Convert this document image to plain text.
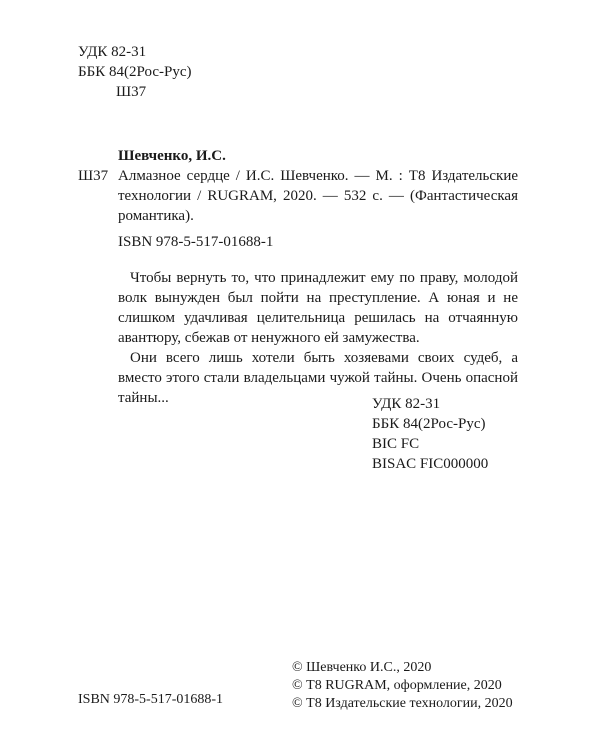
УДК 82-31
ББК 84(2Рос-Рус)
Ш37
Шевченко, И.С.
Ш37 Алмазное сердце / И.С. Шевченко. — М. : Т8 Издательские технологии / RUGRAM, 2020. — 532 с. — (Фантастическая романтика).
ISBN 978-5-517-01688-1

Чтобы вернуть то, что принадлежит ему по праву, молодой волк вынужден был пойти на преступление. А юная и не слишком удачливая целительница решилась на отчаянную авантюру, сбежав от ненужного ей замужества.

Они всего лишь хотели быть хозяевами своих судеб, а вместо этого стали владельцами чужой тайны. Очень опасной тайны...	УДК 82-31
ББК 84(2Рос-Рус)
BIC FC
BISAC FIC000000
© Шевченко И.С., 2020
© Т8 RUGRAM, оформление, 2020
© Т8 Издательские технологии, 2020
ISBN 978-5-517-01688-1
